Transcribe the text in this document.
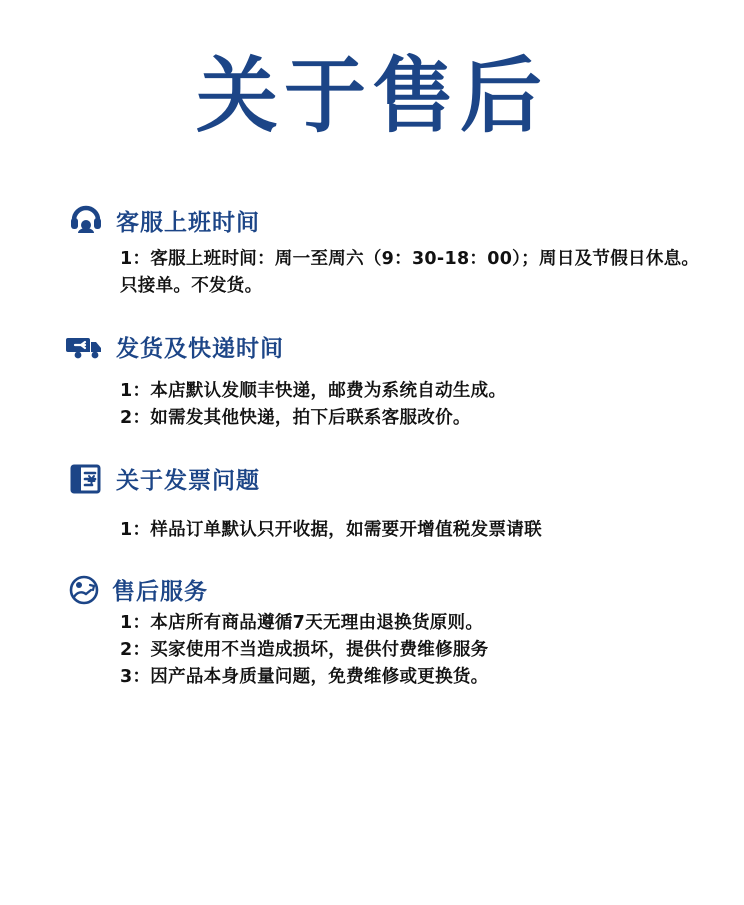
关于售后
客服上班时间
1：客服上班时间：周一至周六（9：30-18：00）；周日及节假日休息。只接单。不发货。
发货及快递时间
1：本店默认发顺丰快递，邮费为系统自动生成。
2：如需发其他快递，拍下后联系客服改价。
关于发票问题
1：样品订单默认只开收据，如需要开增值税发票请联
售后服务
1：本店所有商品遵循7天无理由退换货原则。
2：买家使用不当造成损坏，提供付费维修服务
3：因产品本身质量问题，免费维修或更换货。
